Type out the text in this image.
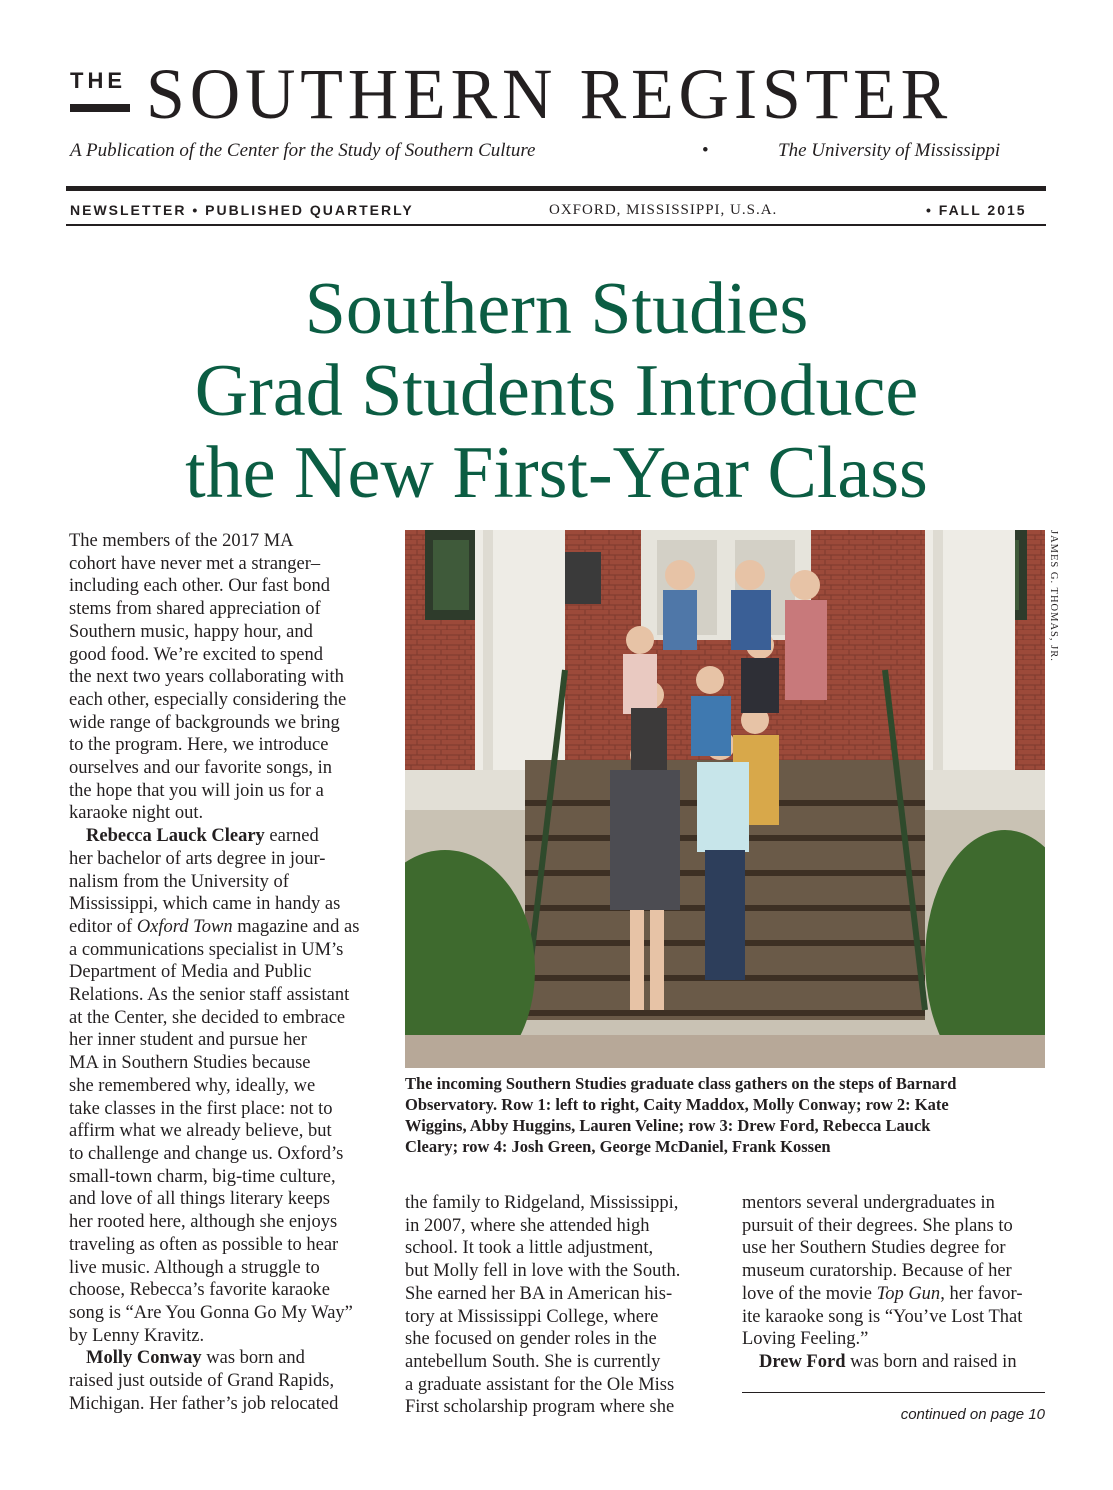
THE SOUTHERN REGISTER
A Publication of the Center for the Study of Southern Culture	•	The University of Mississippi
NEWSLETTER • PUBLISHED QUARTERLY	OXFORD, MISSISSIPPI, U.S.A.	• FALL 2015
Southern Studies
Grad Students Introduce
the New First-Year Class

The members of the 2017 MA
cohort have never met a stranger–
including each other. Our fast bond
stems from shared appreciation of
Southern music, happy hour, and
good food. We’re excited to spend
the next two years collaborating with
each other, especially considering the
wide range of backgrounds we bring
to the program. Here, we introduce
ourselves and our favorite songs, in
the hope that you will join us for a
karaoke night out.

Rebecca Lauck Cleary earned
her bachelor of arts degree in jour-
nalism from the University of
Mississippi, which came in handy as
editor of Oxford Town magazine and as
a communications specialist in UM’s
Department of Media and Public
Relations. As the senior staff assistant
at the Center, she decided to embrace
her inner student and pursue her
MA in Southern Studies because
she remembered why, ideally, we
take classes in the first place: not to
affirm what we already believe, but
to challenge and change us. Oxford’s
small-town charm, big-time culture,
and love of all things literary keeps
her rooted here, although she enjoys
traveling as often as possible to hear
live music. Although a struggle to
choose, Rebecca’s favorite karaoke
song is “Are You Gonna Go My Way”
by Lenny Kravitz.

Molly Conway was born and
raised just outside of Grand Rapids,
Michigan. Her father’s job relocated

JAMES G. THOMAS, JR.
The incoming Southern Studies graduate class gathers on the steps of Barnard
Observatory. Row 1: left to right, Caity Maddox, Molly Conway; row 2: Kate
Wiggins, Abby Huggins, Lauren Veline; row 3: Drew Ford, Rebecca Lauck
Cleary; row 4: Josh Green, George McDaniel, Frank Kossen

the family to Ridgeland, Mississippi,
in 2007, where she attended high
school. It took a little adjustment,
but Molly fell in love with the South.
She earned her BA in American his-
tory at Mississippi College, where
she focused on gender roles in the
antebellum South. She is currently
a graduate assistant for the Ole Miss
First scholarship program where she

mentors several undergraduates in
pursuit of their degrees. She plans to
use her Southern Studies degree for
museum curatorship. Because of her
love of the movie Top Gun, her favor-
ite karaoke song is “You’ve Lost That
Loving Feeling.”

Drew Ford was born and raised in

continued on page 10
